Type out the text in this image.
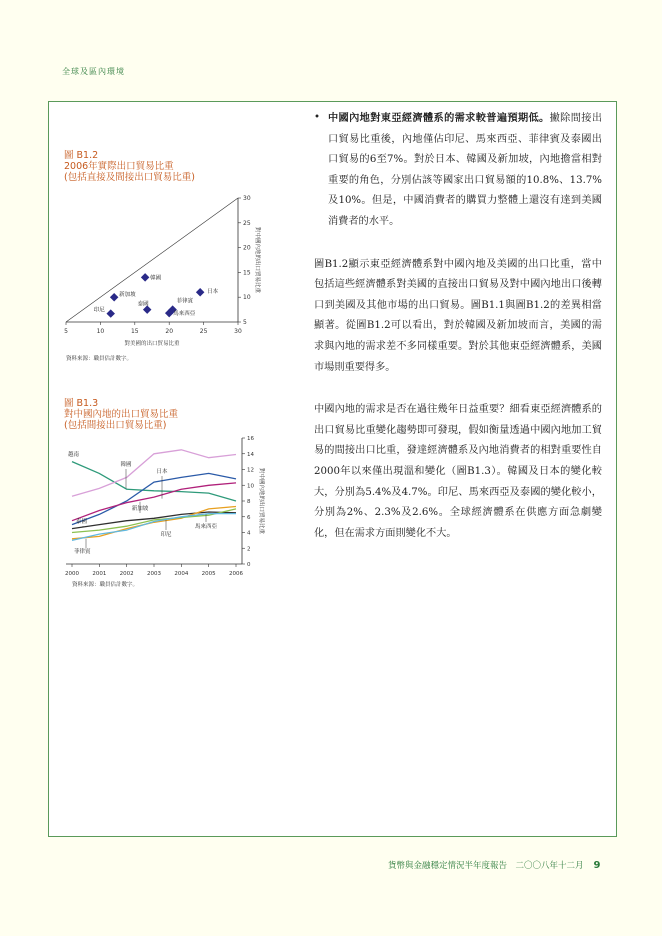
全球及區內環境
圖 B1.2
2006年實際出口貿易比重
(包括直接及間接出口貿易比重)
5	10	15	20	25	30
5
10
15
20
25
30
對美國的出口貿易比重
對中國內地的出口貿易比重
韓國
新加坡
泰國
印尼
菲律賓
馬來西亞
日本
資料來源：職員估計數字。
圖 B1.3
對中國內地的出口貿易比重
(包括間接出口貿易比重)
2000 2001 2002 2003 2004 2005 2006
0
2
4
6
8
10
12
14
16
對中國內地的出口貿易比重
越南
韓國
日本
新加坡
泰國
印尼
馬來西亞
菲律賓
資料來源：職員估計數字。
• 中國內地對東亞經濟體系的需求較普遍預期低。撇除間接出口貿易比重後，內地僅佔印尼、馬來西亞、菲律賓及泰國出口貿易的6至7%。對於日本、韓國及新加坡，內地擔當相對重要的角色，分別佔該等國家出口貿易額的10.8%、13.7%及10%。但是，中國消費者的購買力整體上還沒有達到美國消費者的水平。
圖B1.2顯示東亞經濟體系對中國內地及美國的出口比重，當中包括這些經濟體系對美國的直接出口貿易及對中國內地出口後轉口到美國及其他市場的出口貿易。圖B1.1與圖B1.2的差異相當顯著。從圖B1.2可以看出，對於韓國及新加坡而言，美國的需求與內地的需求差不多同樣重要。對於其他東亞經濟體系，美國市場則重要得多。
中國內地的需求是否在過往幾年日益重要？細看東亞經濟體系的出口貿易比重變化趨勢即可發現，假如衡量透過中國內地加工貿易的間接出口比重，發達經濟體系及內地消費者的相對重要性自2000年以來僅出現溫和變化（圖B1.3）。韓國及日本的變化較大，分別為5.4%及4.7%。印尼、馬來西亞及泰國的變化較小，分別為2%、2.3%及2.6%。全球經濟體系在供應方面急劇變化，但在需求方面則變化不大。
貨幣與金融穩定情況半年度報告　二〇〇八年十二月 9
